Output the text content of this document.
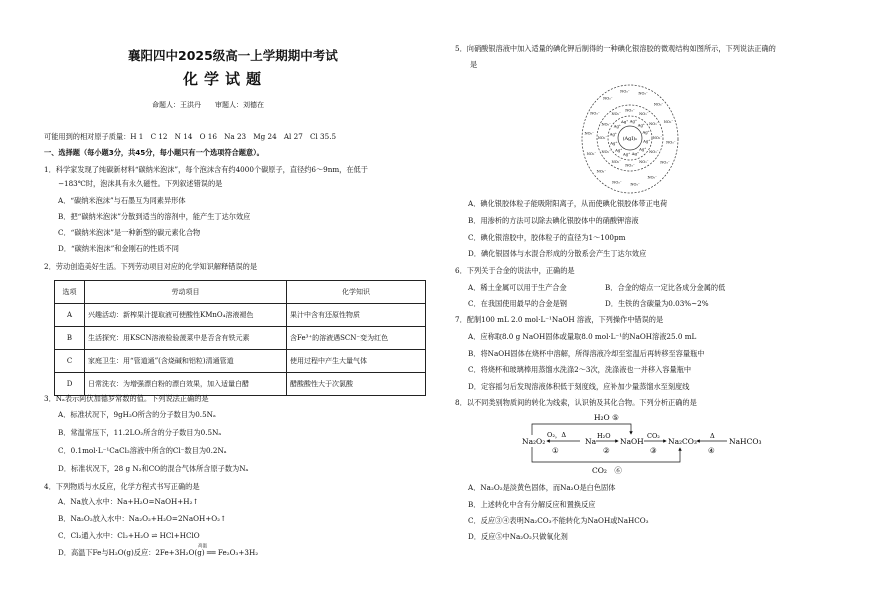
襄阳四中2025级高一上学期期中考试
化学试题
命题人：王洪丹　　审题人：刘德在
可能用到的相对原子质量：H 1　C 12　N 14　O 16　Na 23　Mg 24　Al 27　Cl 35.5
一、选择题（每小题3分，共45分，每小题只有一个选项符合题意）。
1．科学家发现了纯碳新材料“碳纳米泡沫”，每个泡沫含有约4000个碳原子，直径约6～9nm，在低于
−183℃时，泡沫具有永久磁性。下列叙述错误的是
A．“碳纳米泡沫”与石墨互为同素异形体
B．把“碳纳米泡沫”分散到适当的溶剂中，能产生丁达尔效应
C．“碳纳米泡沫”是一种新型的碳元素化合物
D．“碳纳米泡沫”和金刚石的性质不同
2．劳动创造美好生活。下列劳动项目对应的化学知识解释错误的是
选项	劳动项目	化学知识
A	兴趣活动：新榨果汁提取液可使酸性KMnO₄溶液褪色	果汁中含有还原性物质
B	生活探究：用KSCN溶液检验菠菜中是否含有铁元素	含Fe³⁺的溶液遇SCN⁻变为红色
C	家庭卫生：用“管道通”(含烧碱和铝粒)清通管道	使用过程中产生大量气体
D	日常洗衣：为增强漂白粉的漂白效果，加入适量白醋	醋酸酸性大于次氯酸
3．Nₐ表示阿伏加德罗常数的值。下列说法正确的是
A．标准状况下，9gH₂O所含的分子数目为0.5Nₐ
B．常温常压下，11.2LO₂所含的分子数目为0.5Nₐ
C．0.1mol·L⁻¹CaCl₂溶液中所含的Cl⁻数目为0.2Nₐ
D．标准状况下，28 g N₂和CO的混合气体所含原子数为Nₐ
4．下列物质与水反应，化学方程式书写正确的是
A．Na放入水中：Na+H₂O=NaOH+H₂↑
B．Na₂O₂放入水中：Na₂O₂+H₂O=2NaOH+O₂↑
C．Cl₂通入水中：Cl₂+H₂O ⇌ HCl+HClO
D．高温下Fe与H₂O(g)反应：2Fe+3H₂O(g) ══ Fe₂O₃+3H₂
高温
5．向硝酸银溶液中加入适量的碘化钾后制得的一种碘化银溶胶的微观结构如图所示，下列说法正确的
是
(AgI)ₙ Ag⁺
Ag⁺
Ag⁺
Ag⁺
Ag⁺
Ag⁺
Ag⁺
Ag⁺
Ag⁺ Ag⁺
Ag⁺
Ag⁺
NO₃⁻
NO₃⁻
NO₃⁻
NO₃⁻
NO₃⁻
NO₃⁻
NO₃⁻
NO₃⁻
NO₃⁻
NO₃⁻
NO₃⁻
NO₃⁻
NO₃⁻
NO₃⁻
NO₃⁻
NO₃⁻
NO₃⁻
NO₃⁻
NO₃⁻
NO₃⁻
NO₃⁻
NO₃⁻
NO₃⁻
NO₃⁻
NO₃⁻
NO₃⁻
A．碘化银胶体粒子能吸附阳离子，从而使碘化银胶体带正电荷
B．用渗析的方法可以除去碘化银胶体中的硝酸钾溶液
C．碘化银溶胶中，胶体粒子的直径为1～100pm
D．碘化银固体与水混合形成的分散系会产生丁达尔效应
6．下列关于合金的说法中，正确的是
A．稀土金属可以用于生产合金	B．合金的熔点一定比各成分金属的低
C．在我国使用最早的合金是钢	D．生铁的含碳量为0.03%~2%
7．配制100 mL 2.0 mol·L⁻¹NaOH 溶液，下列操作中错误的是
A．应称取8.0 g NaOH固体或量取8.0 mol·L⁻¹的NaOH溶液25.0 mL
B．将NaOH固体在烧杯中溶解，所得溶液冷却至室温后再转移至容量瓶中
C．将烧杯和玻璃棒用蒸馏水洗涤2～3次，洗涤液也一并移入容量瓶中
D．定容摇匀后发现溶液体积低于刻度线，应补加少量蒸馏水至刻度线
8．以不同类别物质间的转化为线索，认识钠及其化合物。下列分析正确的是
H₂O ⑤
Na₂O₂
O₂，Δ
①
Na
H₂O
②
NaOH
CO₂
③
Na₂CO₃
Δ
④
NaHCO₃
CO₂　⑥
A．Na₂O₂是淡黄色固体，而Na₂O是白色固体
B．上述转化中含有分解反应和置换反应
C．反应③④表明Na₂CO₃不能转化为NaOH或NaHCO₃
D．反应⑤中Na₂O₂只做氧化剂
